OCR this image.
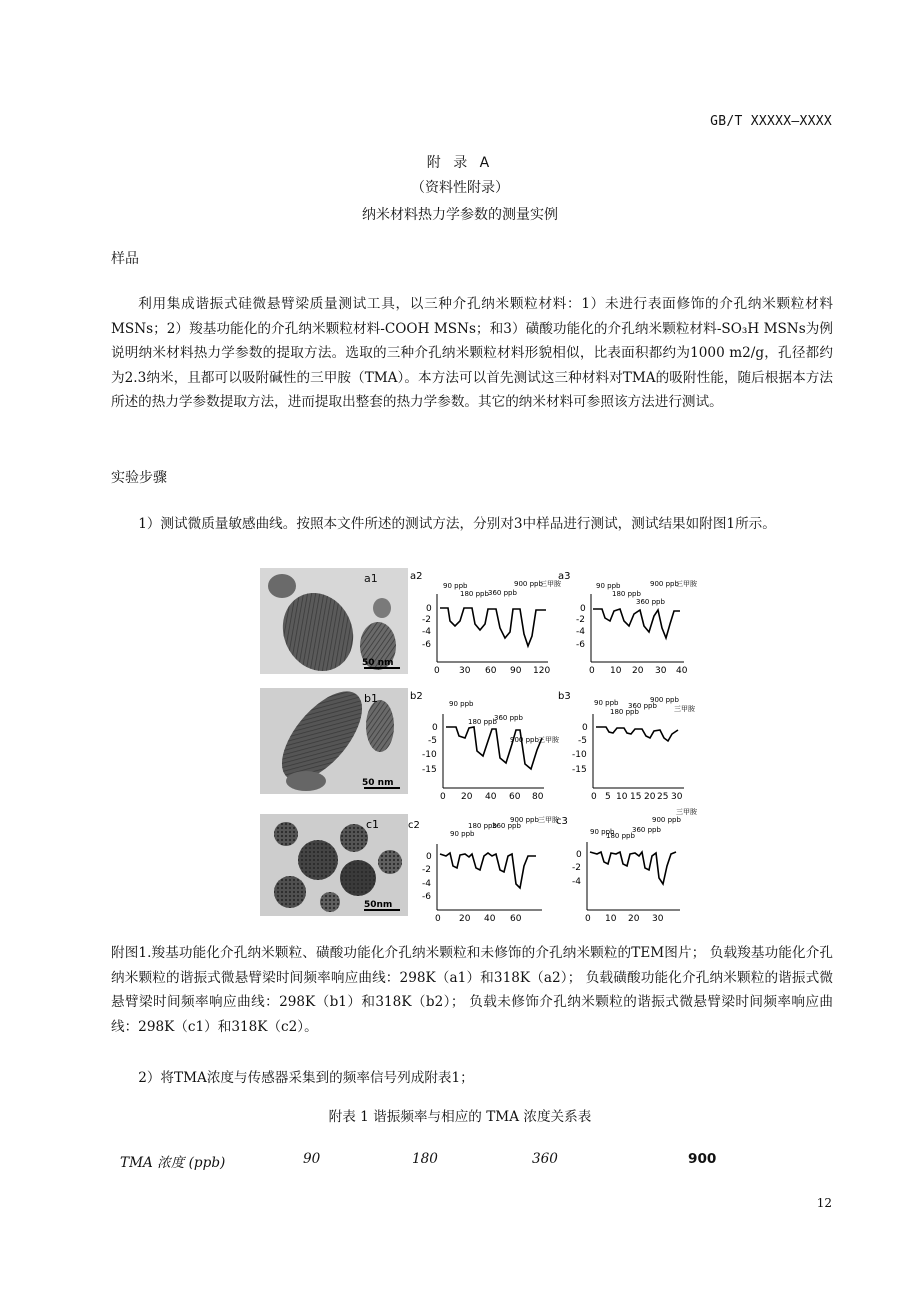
GB/T XXXXX—XXXX
附 录 A
（资料性附录）
纳米材料热力学参数的测量实例
样品

利用集成谐振式硅微悬臂梁质量测试工具，以三种介孔纳米颗粒材料：1）未进行表面修饰的介孔纳米颗粒材料MSNs；2）羧基功能化的介孔纳米颗粒材料-COOH MSNs；和3）磺酸功能化的介孔纳米颗粒材料-SO₃H MSNs为例说明纳米材料热力学参数的提取方法。选取的三种介孔纳米颗粒材料形貌相似，比表面积都约为1000 m2/g，孔径都约为2.3纳米，且都可以吸附碱性的三甲胺（TMA）。本方法可以首先测试这三种材料对TMA的吸附性能，随后根据本方法所述的热力学参数提取方法，进而提取出整套的热力学参数。其它的纳米材料可参照该方法进行测试。

实验步骤

1）测试微质量敏感曲线。按照本文件所述的测试方法，分别对3中样品进行测试，测试结果如附图1所示。

a1
50 nm
a2
0
-2
-4
-6
0 30 60 90 120
90 ppb
180 ppb 360 ppb
900 ppb
三甲胺
a3
0
-2
-4
-6
0 10 20 30 40
90 ppb
180 ppb
360 ppb
900 ppb
三甲胺
b1
50 nm
b2
0
-5
-10
-15
0 20 40 60 80
90 ppb
180 ppb
360 ppb
900 ppb 三甲胺
b3
0
-5
-10
-15
0 5 10 15 20 25 30
90 ppb
180 ppb
360 ppb
900 ppb
三甲胺
c1
50nm
c2
0
-2
-4
-6
0 20 40 60
90 ppb
180 ppb
360 ppb
900 ppb 三甲胺
c3
0
-2
-4
0 10 20 30
90 ppb
180 ppb
360 ppb
900 ppb
三甲胺

附图1.羧基功能化介孔纳米颗粒、磺酸功能化介孔纳米颗粒和未修饰的介孔纳米颗粒的TEM图片； 负载羧基功能化介孔纳米颗粒的谐振式微悬臂梁时间频率响应曲线：298K（a1）和318K（a2）； 负载磺酸功能化介孔纳米颗粒的谐振式微悬臂梁时间频率响应曲线：298K（b1）和318K（b2）； 负载未修饰介孔纳米颗粒的谐振式微悬臂梁时间频率响应曲线：298K（c1）和318K（c2）。

2）将TMA浓度与传感器采集到的频率信号列成附表1；

附表 1 谐振频率与相应的 TMA 浓度关系表
TMA 浓度 (ppb)	90	180	360	900
12
